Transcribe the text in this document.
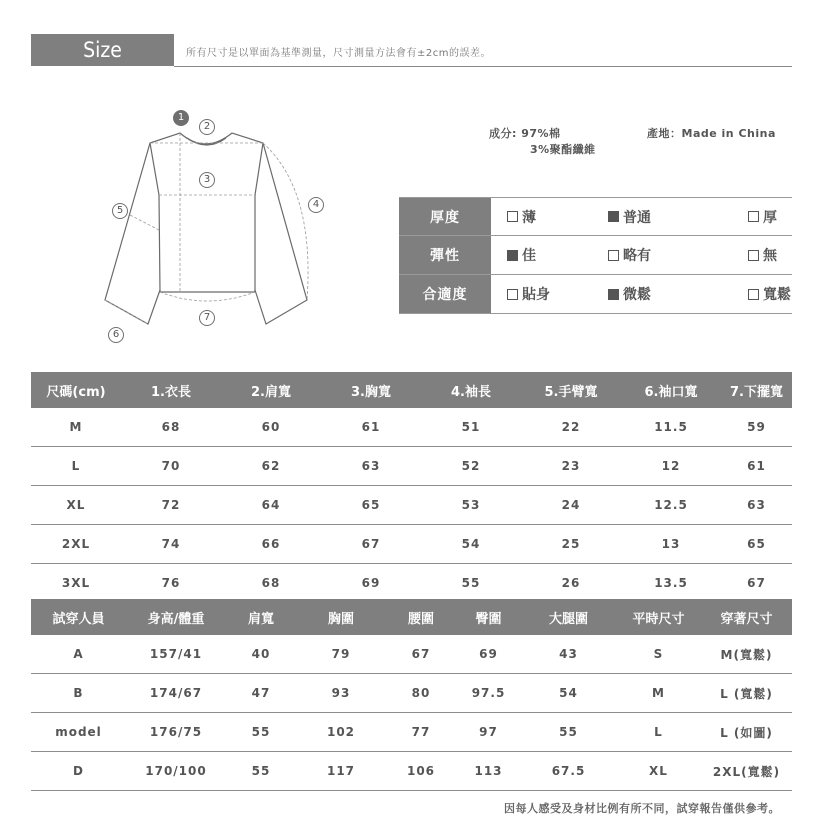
Size Information
所有尺寸是以單面為基準測量，尺寸測量方法會有±2cm的誤差。
1
2
3
4
5
6
7
成分: 97%棉
3%聚酯纖維
產地：Made in China
厚度	薄	普通	厚
彈性	佳	略有	無
合適度	貼身	微鬆	寬鬆
尺碼(cm)	1.衣長	2.肩寬	3.胸寬	4.袖長	5.手臂寬	6.袖口寬	7.下擺寬
M	68	60	61	51	22	11.5	59
L	70	62	63	52	23	12	61
XL	72	64	65	53	24	12.5	63
2XL	74	66	67	54	25	13	65
3XL	76	68	69	55	26	13.5	67
試穿人員	身高/體重	肩寬	胸圍	腰圍	臀圍	大腿圍	平時尺寸	穿著尺寸
A	157/41	40	79	67	69	43	S	M(寬鬆)
B	174/67	47	93	80	97.5	54	M	L (寬鬆)
model	176/75	55	102	77	97	55	L	L (如圖)
D	170/100	55	117	106	113	67.5	XL	2XL(寬鬆)
因每人感受及身材比例有所不同，試穿報告僅供參考。
